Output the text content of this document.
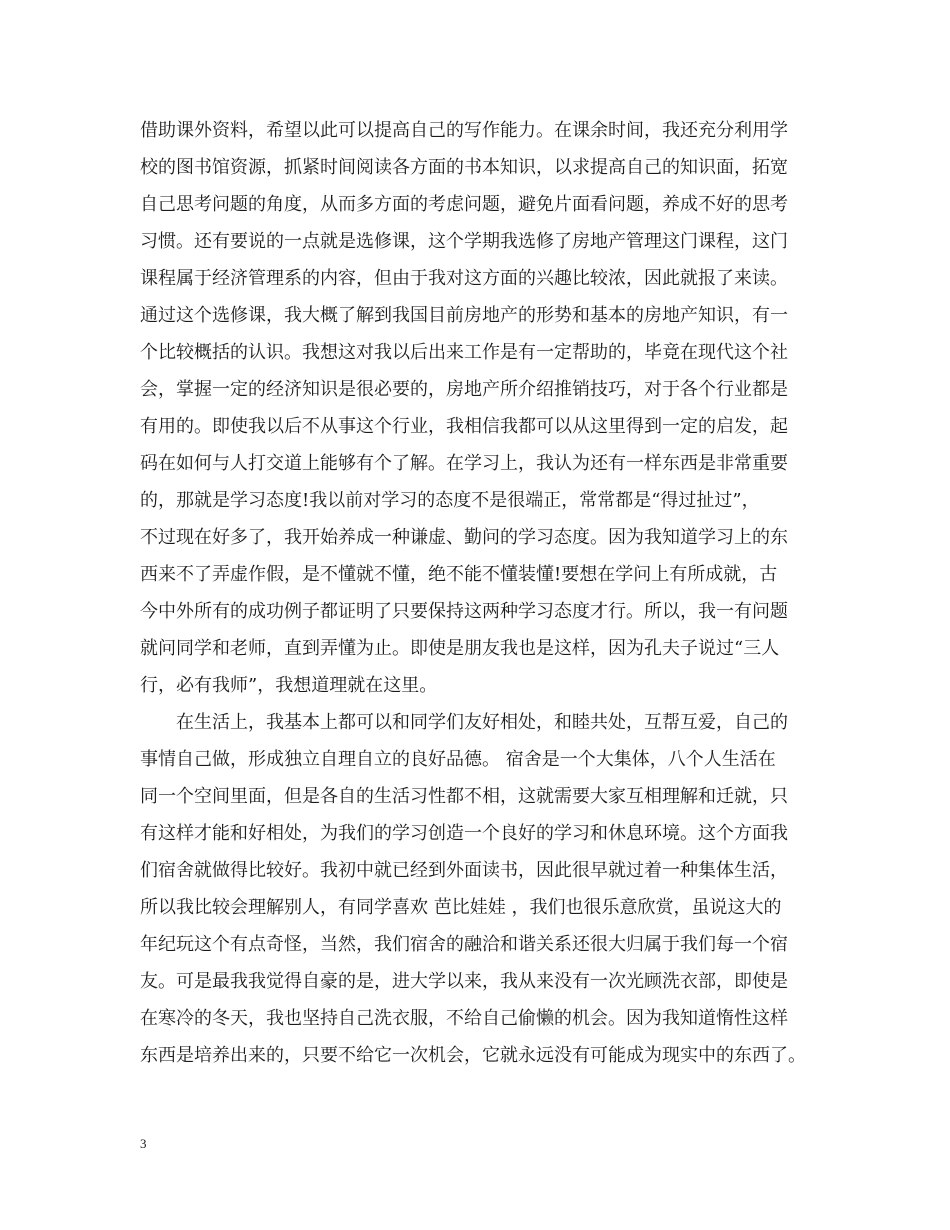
借助课外资料，希望以此可以提高自己的写作能力。在课余时间，我还充分利用学
校的图书馆资源，抓紧时间阅读各方面的书本知识，以求提高自己的知识面，拓宽
自己思考问题的角度，从而多方面的考虑问题，避免片面看问题，养成不好的思考
习惯。还有要说的一点就是选修课，这个学期我选修了房地产管理这门课程，这门
课程属于经济管理系的内容，但由于我对这方面的兴趣比较浓，因此就报了来读。
通过这个选修课，我大概了解到我国目前房地产的形势和基本的房地产知识，有一
个比较概括的认识。我想这对我以后出来工作是有一定帮助的，毕竟在现代这个社
会，掌握一定的经济知识是很必要的，房地产所介绍推销技巧，对于各个行业都是
有用的。即使我以后不从事这个行业，我相信我都可以从这里得到一定的启发，起
码在如何与人打交道上能够有个了解。在学习上，我认为还有一样东西是非常重要
的，那就是学习态度!我以前对学习的态度不是很端正，常常都是“得过扯过”，
不过现在好多了，我开始养成一种谦虚、勤问的学习态度。因为我知道学习上的东
西来不了弄虚作假，是不懂就不懂，绝不能不懂装懂!要想在学问上有所成就，古
今中外所有的成功例子都证明了只要保持这两种学习态度才行。所以，我一有问题
就问同学和老师，直到弄懂为止。即使是朋友我也是这样，因为孔夫子说过“三人
行，必有我师”，我想道理就在这里。
在生活上，我基本上都可以和同学们友好相处，和睦共处，互帮互爱，自己的
事情自己做，形成独立自理自立的良好品德。 宿舍是一个大集体，八个人生活在
同一个空间里面，但是各自的生活习性都不相，这就需要大家互相理解和迁就，只
有这样才能和好相处，为我们的学习创造一个良好的学习和休息环境。这个方面我
们宿舍就做得比较好。我初中就已经到外面读书，因此很早就过着一种集体生活，
所以我比较会理解别人，有同学喜欢 芭比娃娃 ，我们也很乐意欣赏，虽说这大的
年纪玩这个有点奇怪，当然，我们宿舍的融洽和谐关系还很大归属于我们每一个宿
友。可是最我我觉得自豪的是，进大学以来，我从来没有一次光顾洗衣部，即使是
在寒冷的冬天，我也坚持自己洗衣服，不给自己偷懒的机会。因为我知道惰性这样
东西是培养出来的，只要不给它一次机会，它就永远没有可能成为现实中的东西了。
3
